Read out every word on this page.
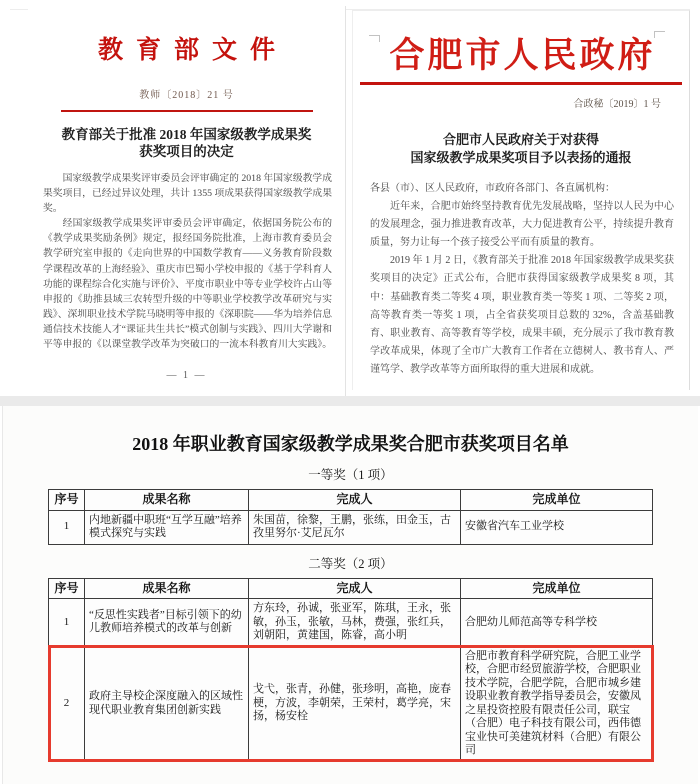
教育部文件
教师〔2018〕21 号
教育部关于批准 2018 年国家级教学成果奖
获奖项目的决定

国家级教学成果奖评审委员会评审确定的 2018 年国家级教学成果奖项目，已经过异议处理，共计 1355 项成果获得国家级教学成果奖。

经国家级教学成果奖评审委员会评审确定，依据国务院公布的《教学成果奖励条例》规定，报经国务院批准，上海市教育委员会教学研究室申报的《走向世界的中国数学教育——义务教育阶段数学课程改革的上海经验》、重庆市巴蜀小学校申报的《基于学科育人功能的课程综合化实施与评价》、平度市职业中等专业学校许占山等申报的《助推县域三农转型升级的中等职业学校教学改革研究与实践》、深圳职业技术学院马晓明等申报的《深职院——华为培养信息通信技术技能人才“课证共生共长”模式创制与实践》、四川大学谢和平等申报的《以课堂教学改革为突破口的一流本科教育川大实践》。

— 1 —
合肥市人民政府
合政秘〔2019〕1 号
合肥市人民政府关于对获得
国家级教学成果奖项目予以表扬的通报

各县（市）、区人民政府，市政府各部门、各直属机构：

近年来，合肥市始终坚持教育优先发展战略，坚持以人民为中心的发展理念，强力推进教育改革，大力促进教育公平，持续提升教育质量，努力让每一个孩子接受公平而有质量的教育。

2019 年 1 月 2 日，《教育部关于批准 2018 年国家级教学成果奖获奖项目的决定》正式公布，合肥市获得国家级教学成果奖 8 项，其中：基础教育类二等奖 4 项，职业教育类一等奖 1 项、二等奖 2 项，高等教育类一等奖 1 项，占全省获奖项目总数的 32%，含盖基础教育、职业教育、高等教育等学校，成果丰硕，充分展示了我市教育教学改革成果，体现了全市广大教育工作者在立德树人、教书育人、严谨笃学、教学改革等方面所取得的重大进展和成就。

2018 年职业教育国家级教学成果奖合肥市获奖项目名单
一等奖（1 项）
序号	成果名称	完成人	完成单位
1	内地新疆中职班“互学互融”培养模式探究与实践	朱国苗，徐黎，王鹏，张练，田金玉，古孜里努尔·艾尼瓦尔	安徽省汽车工业学校
二等奖（2 项）
序号	成果名称	完成人	完成单位
1	“反思性实践者”目标引领下的幼儿教师培养模式的改革与创新	方东玲，孙诚，张亚军，陈琪，王永，张敏，孙玉，张敏，马林，费强，张红兵，刘朝阳，黄建国，陈睿，高小明	合肥幼儿师范高等专科学校
2	政府主导校企深度融入的区域性现代职业教育集团创新实践	戈弋，张青，孙健，张珍明，高艳，庞春梗，方波，李朝荣，王荣村，葛学亮，宋扬，杨安栓	合肥市教育科学研究院，合肥工业学校，合肥市经贸旅游学校，合肥职业技术学院，合肥学院，合肥市城乡建设职业教育教学指导委员会，安徽凤之星投资控股有限责任公司，联宝（合肥）电子科技有限公司，西伟德宝业快可美建筑材料（合肥）有限公司
